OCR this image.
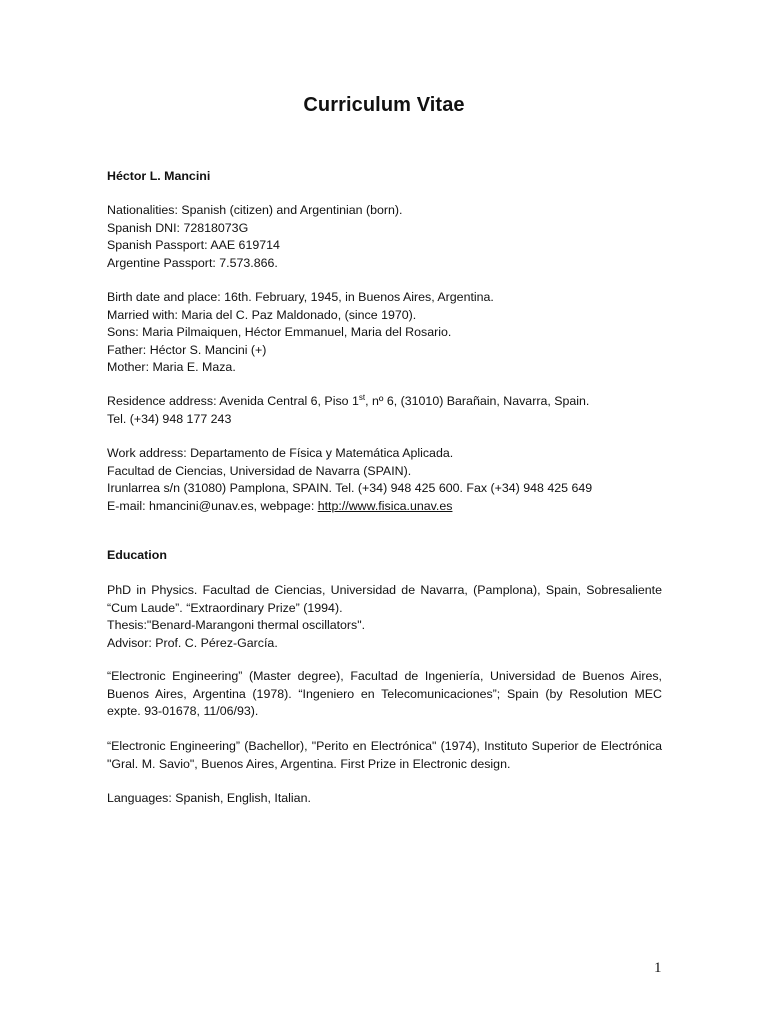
Curriculum Vitae

Héctor L. Mancini

Nationalities: Spanish (citizen) and Argentinian (born).

Spanish DNI: 72818073G

Spanish Passport: AAE 619714

Argentine Passport: 7.573.866.

Birth date and place: 16th. February, 1945, in Buenos Aires, Argentina.

Married with: Maria del C. Paz Maldonado, (since 1970).

Sons: Maria Pilmaiquen, Héctor Emmanuel, Maria del Rosario.

Father: Héctor S. Mancini (+)

Mother: Maria E. Maza.

Residence address: Avenida Central 6, Piso 1st, nº 6, (31010) Barañain, Navarra, Spain.

Tel. (+34) 948 177 243

Work address: Departamento de Física y Matemática Aplicada.

Facultad de Ciencias, Universidad de Navarra (SPAIN).

Irunlarrea s/n (31080) Pamplona, SPAIN. Tel. (+34) 948 425 600. Fax (+34) 948 425 649

E-mail: hmancini@unav.es, webpage: http://www.fisica.unav.es

Education

PhD in Physics. Facultad de Ciencias, Universidad de Navarra, (Pamplona), Spain, Sobresaliente “Cum Laude”. “Extraordinary Prize” (1994).

Thesis:"Benard-Marangoni thermal oscillators".

Advisor: Prof. C. Pérez-García.

“Electronic Engineering” (Master degree), Facultad de Ingeniería, Universidad de Buenos Aires, Buenos Aires, Argentina (1978). “Ingeniero en Telecomunicaciones”; Spain (by Resolution MEC expte. 93-01678, 11/06/93).

“Electronic Engineering” (Bachellor), "Perito en Electrónica" (1974), Instituto Superior de Electrónica "Gral. M. Savio", Buenos Aires, Argentina. First Prize in Electronic design.

Languages: Spanish, English, Italian.

1
